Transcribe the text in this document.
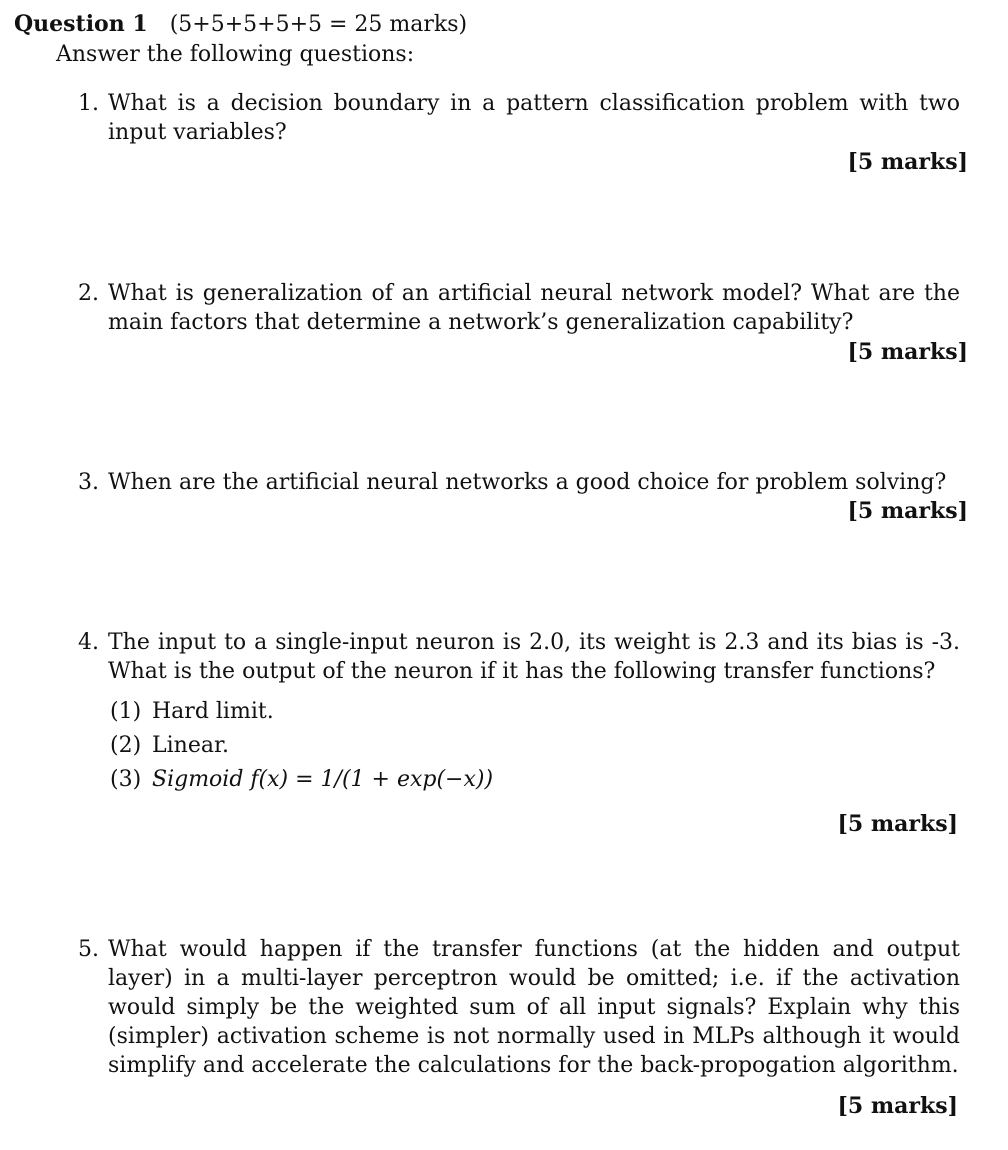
Question 1 (5+5+5+5+5 = 25 marks)
Answer the following questions:
1. What is a decision boundary in a pattern classification problem with two input variables?
[5 marks]
2. What is generalization of an artificial neural network model? What are the main factors that determine a network’s generalization capability?
[5 marks]
3. When are the artificial neural networks a good choice for problem solving?
[5 marks]
4. The input to a single-input neuron is 2.0, its weight is 2.3 and its bias is -3. What is the output of the neuron if it has the following transfer functions?
(1) Hard limit.
(2) Linear.
(3) Sigmoid f(x) = 1/(1 + exp(−x))
[5 marks]
5. What would happen if the transfer functions (at the hidden and output layer) in a multi-layer perceptron would be omitted; i.e. if the activation would simply be the weighted sum of all input signals? Explain why this (simpler) activation scheme is not normally used in MLPs although it would simplify and accelerate the calculations for the back-propogation algorithm.
[5 marks]
